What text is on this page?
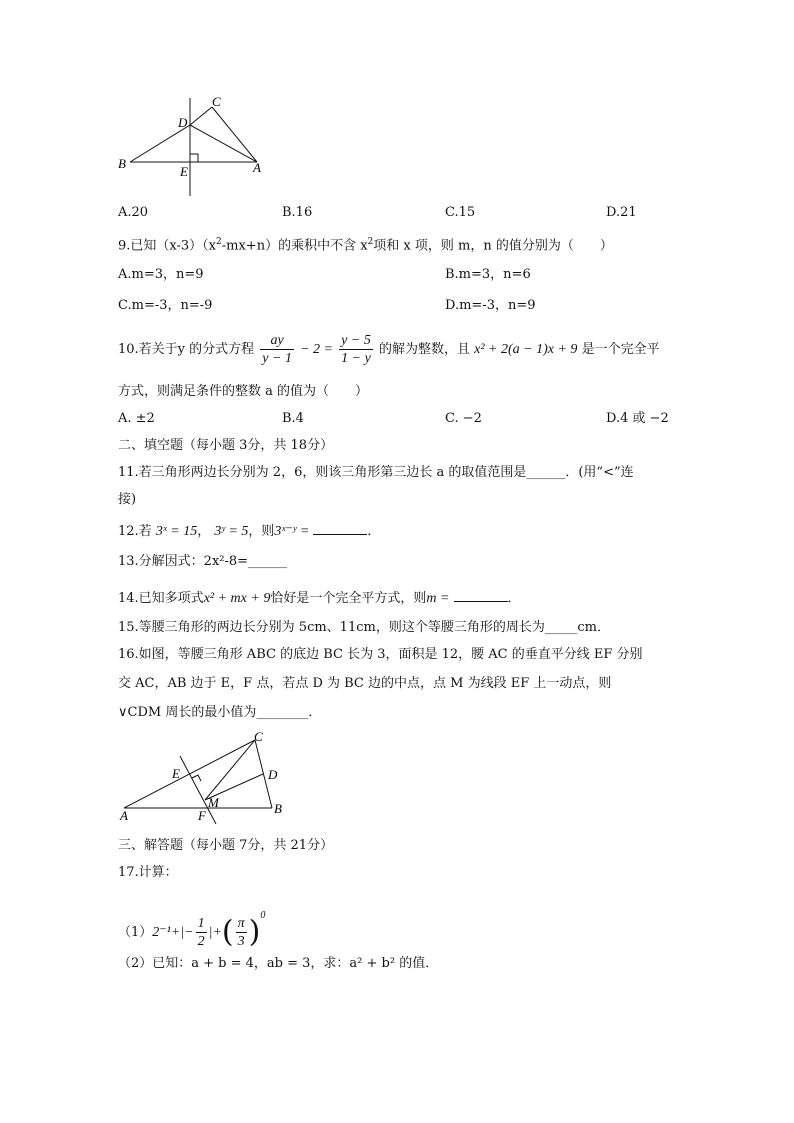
C
D
B
E	A
A.20	B.16	C.15	D.21
9.已知$(x-3)(x^2-mx+n)$的乘积中不含 $x^2$项和 x 项，则 m，n 的值分别为（　　）
A.m=3，n=9	B.m=3，n=6
C.m=-3，n=-9	D.m=-3，n=9
10.若关于y 的分式方程 $\frac{ay}{y - 1} - 2 = \frac{y - 5}{1 - y}$ 的解为整数，且 x² + 2(a − 1)x + 9 是一个完全平
方式，则满足条件的整数 a 的值为（　　）
A. ±2	B.4	C. −2	D.4 或 −2
二、填空题（每小题 3分，共 18分）
11.若三角形两边长分别为 2，6，则该三角形第三边长 a 的取值范围是______．(用“<”连
接)
12.若 3ˣ = 15， 3ʸ = 5，则3ˣ⁻ʸ =	．
13.分解因式：2x²-8=______
14.已知多项式x² + mx + 9恰好是一个完全平方式，则m =	．
15.等腰三角形的两边长分别为 5cm、11cm，则这个等腰三角形的周长为_____cm．
16.如图，等腰三角形 ABC 的底边 BC 长为 3，面积是 12，腰 AC 的垂直平分线 EF 分别
交 AC，AB 边于 E，F 点，若点 D 为 BC 边的中点，点 M 为线段 EF 上一动点，则
∨CDM 周长的最小值为________．
C
E	D
M
A	F	B
三、解答题（每小题 7分，共 21分）
17.计算：
$(1)2^{-1}+|- \frac{1}{2}$ |+( $\frac{\pi}{3} )^0$
（2）已知：a + b = 4，ab = 3，求：a² + b² 的值．
